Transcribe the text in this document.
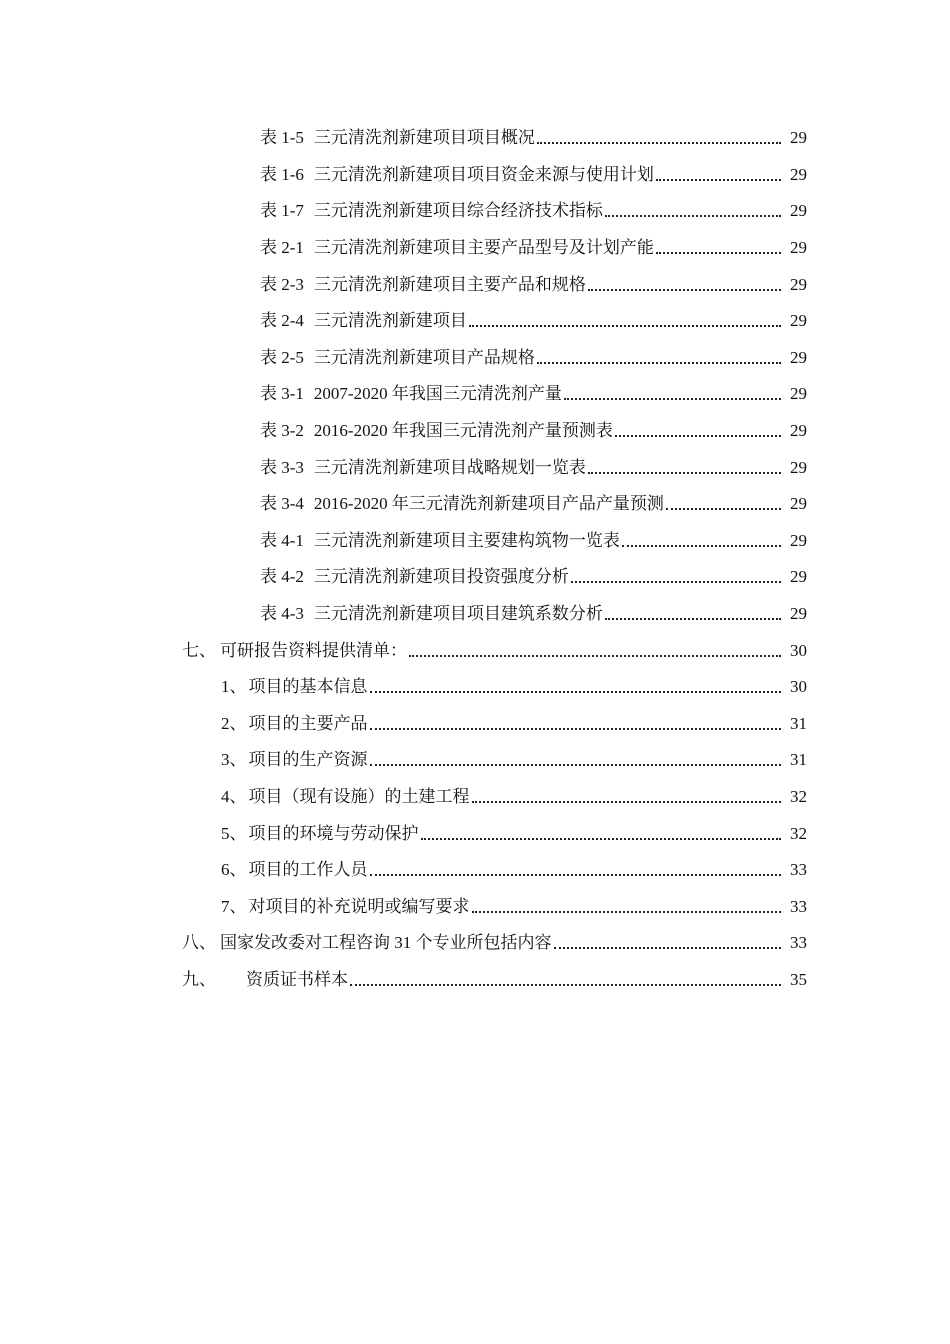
表 1-5 三元清洗剂新建项目项目概况	29
表 1-6 三元清洗剂新建项目项目资金来源与使用计划	29
表 1-7 三元清洗剂新建项目综合经济技术指标	29
表 2-1 三元清洗剂新建项目主要产品型号及计划产能	29
表 2-3 三元清洗剂新建项目主要产品和规格	29
表 2-4 三元清洗剂新建项目	29
表 2-5 三元清洗剂新建项目产品规格	29
表 3-1 2007-2020 年我国三元清洗剂产量	29
表 3-2 2016-2020 年我国三元清洗剂产量预测表	29
表 3-3 三元清洗剂新建项目战略规划一览表	29
表 3-4 2016-2020 年三元清洗剂新建项目产品产量预测	29
表 4-1 三元清洗剂新建项目主要建构筑物一览表	29
表 4-2 三元清洗剂新建项目投资强度分析	29
表 4-3 三元清洗剂新建项目项目建筑系数分析	29
七、 可研报告资料提供清单：	30
1、 项目的基本信息	30
2、 项目的主要产品	31
3、 项目的生产资源	31
4、 项目（现有设施）的土建工程	32
5、 项目的环境与劳动保护	32
6、 项目的工作人员	33
7、 对项目的补充说明或编写要求	33
八、 国家发改委对工程咨询 31 个专业所包括内容	33
九、 资质证书样本	35
